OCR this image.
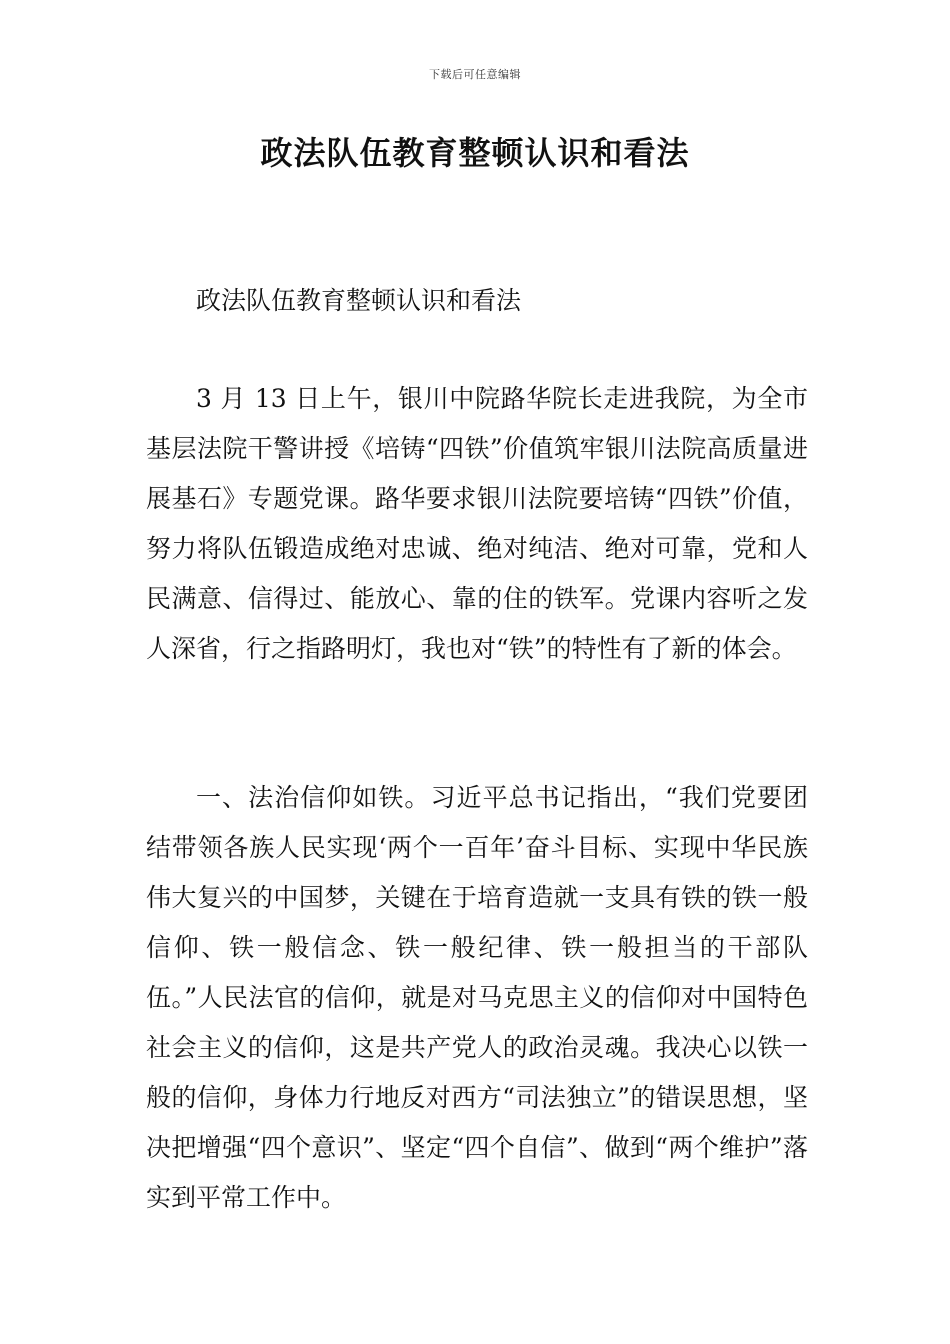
下载后可任意编辑
政法队伍教育整顿认识和看法

政法队伍教育整顿认识和看法

3 月 13 日上午，银川中院路华院长走进我院，为全市基层法院干警讲授《培铸“四铁”价值筑牢银川法院高质量进展基石》专题党课。路华要求银川法院要培铸“四铁”价值，努力将队伍锻造成绝对忠诚、绝对纯洁、绝对可靠，党和人民满意、信得过、能放心、靠的住的铁军。党课内容听之发人深省，行之指路明灯，我也对“铁”的特性有了新的体会。

一、法治信仰如铁。习近平总书记指出，“我们党要团结带领各族人民实现‘两个一百年’奋斗目标、实现中华民族伟大复兴的中国梦，关键在于培育造就一支具有铁的铁一般信仰、铁一般信念、铁一般纪律、铁一般担当的干部队伍。”人民法官的信仰，就是对马克思主义的信仰对中国特色社会主义的信仰，这是共产党人的政治灵魂。我决心以铁一般的信仰，身体力行地反对西方“司法独立”的错误思想，坚决把增强“四个意识”、坚定“四个自信”、做到“两个维护”落实到平常工作中。
